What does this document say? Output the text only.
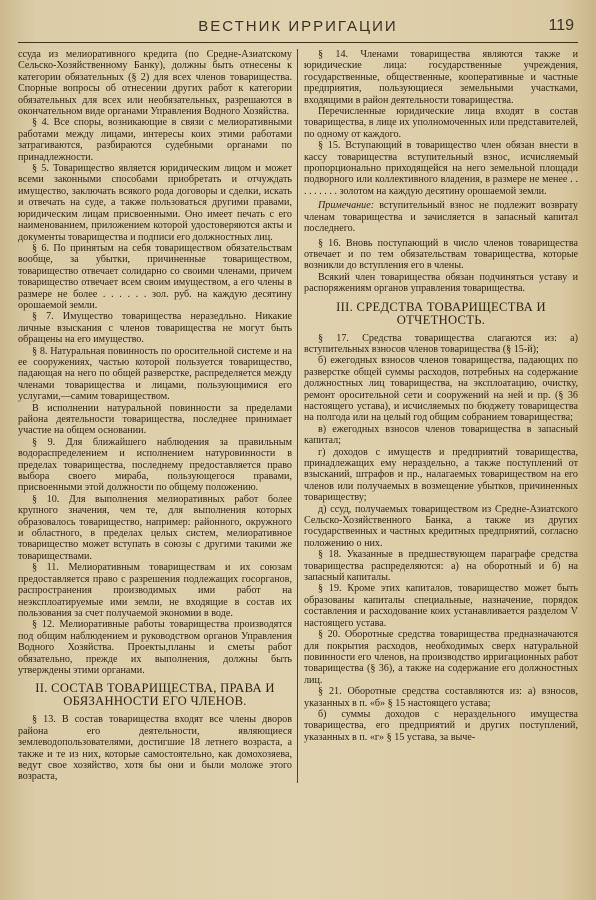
ВЕСТНИК ИРРИГАЦИИ	119

ссуда из мелиоративного кредита (по Средне-Азиатскому Сельско-Хозяйственному Банку), должны быть отнесены к категории обязательных (§ 2) для всех членов товарищества. Спорные вопросы об отнесении других работ к категории обязательных для всех или необязательных, разрешаются в окончательном виде органами Управления Водного Хозяйства.

§ 4. Все споры, возникающие в связи с мелиоративными работами между лицами, интересы коих этими работами затрагиваются, разбираются судебными органами по принадлежности.

§ 5. Товарищество является юридическим лицом и может всеми законными способами приобретать и отчуждать имущество, заключать всякого рода договоры и сделки, искать и отвечать на суде, а также пользоваться другими правами, юридическим лицам присвоенными. Оно имеет печать с его наименованием, приложением которой удостоверяются акты и документы товарищества и подписи его должностных лиц.

§ 6. По принятым на себя товариществом обязательствам вообще, за убытки, причиненные товариществом, товарищество отвечает солидарно со своими членами, причем товарищество отвечает всем своим имуществом, а его члены в размере не более . . . . . . зол. руб. на каждую десятину орошаемой земли.

§ 7. Имущество товарищества неразедльно. Никакие личные взыскания с членов товарищества не могут быть обращены на его имущество.

§ 8. Натуральная повинность по оросительной системе и на ее сооружениях, частью которой пользуется товарищество, падающая на него по общей разверстке, распределяется между членами товарищества и лицами, пользующимися его услугами,—самим товариществом.

В исполнении натуральной повинности за пределами района деятельности товарищества, последнее принимает участие на общем основании.

§ 9. Для ближайшего наблюдения за правильным водораспределением и исполнением натуровинности в пределах товарищества, последнему предоставляется право выбора своего мираба, пользующегося правами, присвоенными этой должности по общему положению.

§ 10. Для выполнения мелиоративных работ более крупного значения, чем те, для выполнения которых образовалось товарищество, например: районного, окружного и областного, в пределах целых систем, мелиоративное товарищество может вступать в союзы с другими такими же товариществами.

§ 11. Мелиоративным товариществам и их союзам предоставляется право с разрешения подлежащих госорганов, распространения производимых ими работ на неэксплоатируемые ими земли, не входящие в состав их пользования за счет получаемой экономии в воде.

§ 12. Мелиоративные работы товарищества производятся под общим наблюдением и руководством органов Управления Водного Хозяйства. Проекты,планы и сметы работ обязательно, прежде их выполнения, должны быть утверждены этими органами.

II. СОСТАВ ТОВАРИЩЕСТВА, ПРАВА И ОБЯЗАННОСТИ ЕГО ЧЛЕНОВ.

§ 13. В состав товарищества входят все члены дворов района его деятельности, являющиеся землеводопользователями, достигшие 18 летнего возраста, а также и те из них, которые самостоятельно, как домохозяева, ведут свое хозяйство, хотя бы они и были моложе этого возраста,

§ 14. Членами товарищества являются также и юридические лица: государственные учреждения, государственные, общественные, кооперативные и частные предприятия, пользующиеся земельными участками, входящими в район деятельности товарищества.

Перечисленные юридические лица входят в состав товарищества, в лице их уполномоченных или представителей, по одному от каждого.

§ 15. Вступающий в товарищество член обязан внести в кассу товарищества вступительный взнос, исчисляемый пропорционально приходящейся на него земельной площади подворного или коллективного владения, в размере не менее . . . . . . . . . золотом на каждую десятину орошаемой земли.

Примечание: вступительный взнос не подлежит возврату членам товарищества и зачисляется в запасный капитал последнего.

§ 16. Вновь поступающий в число членов товарищества отвечает и по тем обязательствам товарищества, которые возникли до вступления его в члены.

Всякий член товарищества обязан подчиняться уставу и распоряжениям органов управления товарищества.

III. СРЕДСТВА ТОВАРИЩЕСТВА И ОТЧЕТНОСТЬ.

§ 17. Средства товарищества слагаются из: а) вступительных взносов членов товарищества (§ 15-й);

б) ежегодных взносов членов товарищества, падающих по разверстке общей суммы расходов, потребных на содержание должностных лиц товарищества, на эксплоатацию, очистку, ремонт оросительной сети и сооружений на ней и пр. (§ 36 настоящего устава), и исчисляемых по бюджету товарищества на полгода или на целый год общим собранием товарищества;

в) ежегодных взносов членов товарищества в запасный капитал;

г) доходов с имуществ и предприятий товарищества, принадлежащих ему нераздельно, а также поступлений от взысканий, штрафов и пр., налагаемых товариществом на его членов или получаемых в возмещение убытков, причиненных товариществу;

д) ссуд, получаемых товариществом из Средне-Азиатского Сельско-Хозяйственного Банка, а также из других государственных и частных кредитных предприятий, согласно положению о них.

§ 18. Указанные в предшествующем параграфе средства товарищества распределяются: а) на оборотный и б) на запасный капиталы.

§ 19. Кроме этих капиталов, товарищество может быть образованы капиталы специальные, назначение, порядок составления и расходование коих устанавливается разделом V настоящего устава.

§ 20. Оборотные средства товарищества предназначаются для покрытия расходов, необходимых сверх натуральной повинности его членов, на производство ирригационных работ товарищества (§ 36), а также на содержание его должностных лиц.

§ 21. Оборотные средства составляются из: а) взносов, указанных в п. «б» § 15 настоящего устава;

б) суммы доходов с нераздельного имущества товарищества, его предприятий и других поступлений, указанных в п. «г» § 15 устава, за выче-
